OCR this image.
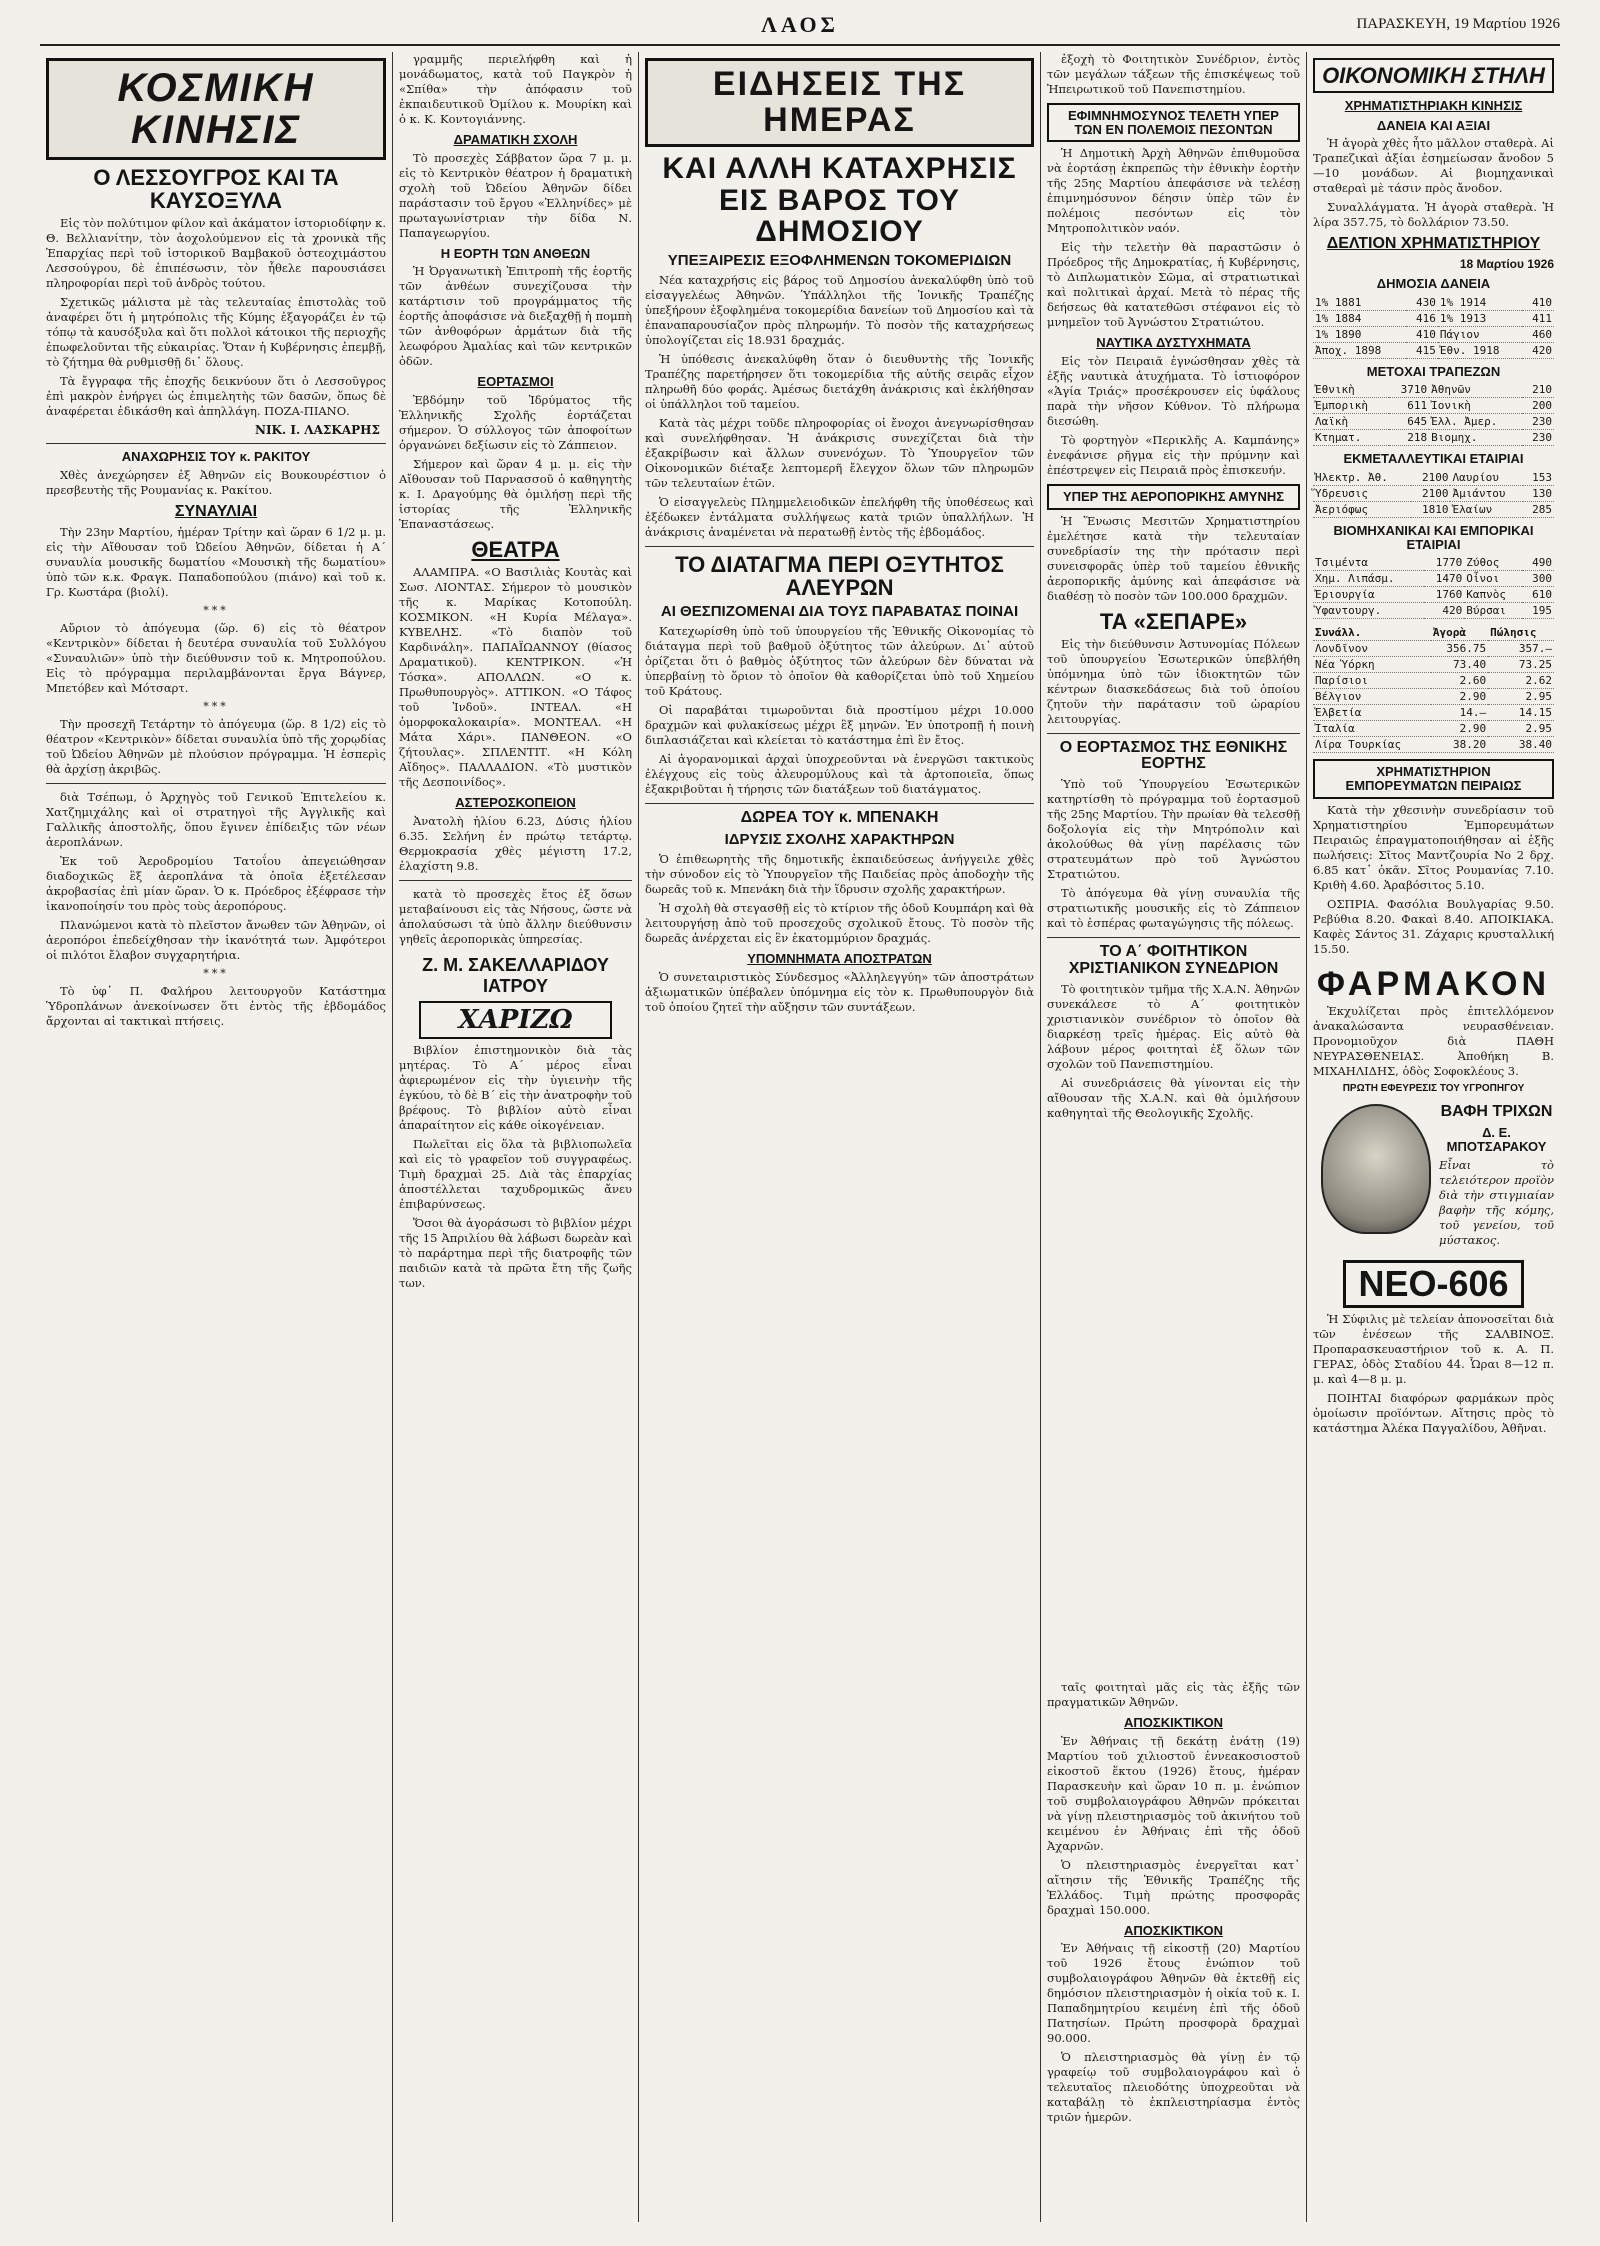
ΛΑΟΣ	ΠΑΡΑΣΚΕΥΗ, 19 Μαρτίου 1926
ΚΟΣΜΙΚΗ ΚΙΝΗΣΙΣ
Ο ΛΕΣΣΟΥΓΡΟΣ ΚΑΙ ΤΑ ΚΑΥΣΟΞΥΛΑ
Εἰς τὸν πολύτιμον φίλον καὶ ἀκάματον ἱστοριοδίφην κ. Θ. Βελλιανίτην, τὸν ἀοχολούμενον εἰς τὰ χρονικὰ τῆς Ἐπαρχίας περὶ τοῦ ἱστορικοῦ Βαμβακοῦ ὀστεοχιμάστου Λεσσούγρου, δὲ ἐπιπέσωσιν, τὸν ἦθελε παρουσιάσει πληροφορίαι περὶ τοῦ ἀνδρὸς τούτου.
Σχετικῶς μάλιστα μὲ τὰς τελευταίας ἐπιστολὰς τοῦ ἀναφέρει ὅτι ἡ μητρόπολις τῆς Κύμης ἐξαγοράζει ἐν τῷ τόπῳ τὰ καυσόξυλα καὶ ὅτι πολλοὶ κάτοικοι τῆς περιοχῆς ἐπωφελοῦνται τῆς εὐκαιρίας. Ὅταν ἡ Κυβέρνησις ἐπεμβῇ, τὸ ζήτημα θὰ ρυθμισθῇ δι᾿ ὅλους.
Τὰ ἔγγραφα τῆς ἐποχῆς δεικνύουν ὅτι ὁ Λεσσοῦγρος ἐπὶ μακρὸν ἐνήργει ὡς ἐπιμελητὴς τῶν δασῶν, ὅπως δὲ ἀναφέρεται ἐδικάσθη καὶ ἀπηλλάγη. ΠΟΖΑ-ΠΙΑΝΟ.
ΝΙΚ. Ι. ΛΑΣΚΑΡΗΣ
ΑΝΑΧΩΡΗΣΙΣ ΤΟΥ κ. ΡΑΚΙΤΟΥ
Χθὲς ἀνεχώρησεν ἐξ Ἀθηνῶν εἰς Βουκουρέστιον ὁ πρεσβευτὴς τῆς Ρουμανίας κ. Ρακίτου.
ΣΥΝΑΥΛΙΑΙ
Τὴν 23ην Μαρτίου, ἡμέραν Τρίτην καὶ ὥραν 6 1/2 μ. μ. εἰς τὴν Αἴθουσαν τοῦ Ὠδείου Ἀθηνῶν, δίδεται ἡ Α΄ συναυλία μουσικῆς δωματίου «Μουσικὴ τῆς δωματίου» ὑπὸ τῶν κ.κ. Φραγκ. Παπαδοπούλου (πιάνο) καὶ τοῦ κ. Γρ. Κωστάρα (βιολί).
***
Αὔριον τὸ ἀπόγευμα (ὥρ. 6) εἰς τὸ θέατρον «Κεντρικὸν» δίδεται ἡ δευτέρα συναυλία τοῦ Συλλόγου «Συναυλιῶν» ὑπὸ τὴν διεύθυνσιν τοῦ κ. Μητροπούλου. Εἰς τὸ πρόγραμμα περιλαμβάνονται ἔργα Βάγνερ, Μπετόβεν καὶ Μότσαρτ.
***
Τὴν προσεχῆ Τετάρτην τὸ ἀπόγευμα (ὥρ. 8 1/2) εἰς τὸ θέατρον «Κεντρικὸν» δίδεται συναυλία ὑπὸ τῆς χορῳδίας τοῦ Ὠδείου Ἀθηνῶν μὲ πλούσιον πρόγραμμα. Ἡ ἑσπερὶς θὰ ἀρχίσῃ ἀκριβῶς.
διὰ Τσέπωμ, ὁ Ἀρχηγὸς τοῦ Γενικοῦ Ἐπιτελείου κ. Χατζημιχάλης καὶ οἱ στρατηγοὶ τῆς Ἀγγλικῆς καὶ Γαλλικῆς ἀποστολῆς, ὅπου ἔγινεν ἐπίδειξις τῶν νέων ἀεροπλάνων.
Ἐκ τοῦ Ἀεροδρομίου Τατοΐου ἀπεγειώθησαν διαδοχικῶς ἓξ ἀεροπλάνα τὰ ὁποῖα ἐξετέλεσαν ἀκροβασίας ἐπὶ μίαν ὥραν. Ὁ κ. Πρόεδρος ἐξέφρασε τὴν ἱκανοποίησίν του πρὸς τοὺς ἀεροπόρους.
Πλανώμενοι κατὰ τὸ πλεῖστον ἄνωθεν τῶν Ἀθηνῶν, οἱ ἀεροπόροι ἐπεδείχθησαν τὴν ἱκανότητά των. Ἀμφότεροι οἱ πιλότοι ἔλαβον συγχαρητήρια.
***
Τὸ ὑφ᾿ Π. Φαλήρου λειτουργοῦν Κατάστημα Ὑδροπλάνων ἀνεκοίνωσεν ὅτι ἐντὸς τῆς ἑβδομάδος ἄρχονται αἱ τακτικαὶ πτήσεις.
γραμμῆς περιελήφθη καὶ ἡ μονάδωματος, κατὰ τοῦ Παγκρὸν ἡ «Σπίθα» τὴν ἀπόφασιν τοῦ ἐκπαιδευτικοῦ Ὀμίλου κ. Μουρίκη καὶ ὁ κ. Κ. Κοντογιάννης.
ΔΡΑΜΑΤΙΚΗ ΣΧΟΛΗ
Τὸ προσεχὲς Σάββατον ὥρα 7 μ. μ. εἰς τὸ Κεντρικὸν θέατρον ἡ δραματικὴ σχολὴ τοῦ Ὠδείου Ἀθηνῶν δίδει παράστασιν τοῦ ἔργου «Ἑλληνίδες» μὲ πρωταγωνίστριαν τὴν δίδα Ν. Παπαγεωργίου.
Η ΕΟΡΤΗ ΤΩΝ ΑΝΘΕΩΝ
Ἡ Ὀργανωτικὴ Ἐπιτροπὴ τῆς ἑορτῆς τῶν ἀνθέων συνεχίζουσα τὴν κατάρτισιν τοῦ προγράμματος τῆς ἑορτῆς ἀποφάσισε νὰ διεξαχθῇ ἡ πομπὴ τῶν ἀνθοφόρων ἁρμάτων διὰ τῆς λεωφόρου Ἀμαλίας καὶ τῶν κεντρικῶν ὁδῶν.
ΕΟΡΤΑΣΜΟΙ
Ἐβδόμην τοῦ Ἰδρύματος τῆς Ἐλληνικῆς Σχολῆς ἑορτάζεται σήμερον. Ὁ σύλλογος τῶν ἀποφοίτων ὀργανώνει δεξίωσιν εἰς τὸ Ζάππειον.
Σήμερον καὶ ὥραν 4 μ. μ. εἰς τὴν Αἴθουσαν τοῦ Παρνασσοῦ ὁ καθηγητὴς κ. Ι. Δραγούμης θὰ ὁμιλήσῃ περὶ τῆς ἱστορίας τῆς Ἑλληνικῆς Ἐπαναστάσεως.
ΘΕΑΤΡΑ
ΑΛΑΜΠΡΑ. «Ο Βασιλιὰς Κουτὰς καὶ Σωσ. ΛΙΟΝΤΑΣ. Σήμερον τὸ μουσικὸν τῆς κ. Μαρίκας Κοτοπούλη. ΚΟΣΜΙΚΟΝ. «Η Κυρία Μέλαγα». ΚΥΒΕΛΗΣ. «Τὸ διαπὸν τοῦ Καρδινάλη». ΠΑΠΑΪΩΑΝΝΟΥ (θίασος Δραματικοῦ). ΚΕΝΤΡΙΚΟΝ. «Ἡ Τόσκα». ΑΠΟΛΛΩΝ. «Ο κ. Πρωθυπουργὸς». ΑΤΤΙΚΟΝ. «Ο Τάφος τοῦ Ἰνδοῦ». ΙΝΤΕΑΛ. «Η ὀμορφοκαλοκαιρία». ΜΟΝΤΕΑΛ. «Η Μάτα Χάρι». ΠΑΝΘΕΟΝ. «Ο ζήτουλας». ΣΠΛΕΝΤΙΤ. «Η Κόλη Αἴδηος». ΠΑΛΛΑΔΙΟΝ. «Τὸ μυστικὸν τῆς Δεσποινίδος».
ΑΣΤΕΡΟΣΚΟΠΕΙΟΝ
Ἀνατολὴ ἡλίου 6.23, Δύσις ἡλίου 6.35. Σελήνη ἐν πρώτῳ τετάρτῳ. Θερμοκρασία χθὲς μέγιστη 17.2, ἐλαχίστη 9.8.
κατὰ τὸ προσεχὲς ἔτος ἐξ ὅσων μεταβαίνουσι εἰς τὰς Νήσους, ὥστε νὰ ἀπολαύσωσι τὰ ὑπὸ ἄλλην διεύθυνσιν γηθεῖς ἀεροπορικὰς ὑπηρεσίας.
Ζ. Μ. ΣΑΚΕΛΛΑΡΙΔΟΥ ΙΑΤΡΟΥ
ΧΑΡΙΖΩ
Βιβλίον ἐπιστημονικὸν διὰ τὰς μητέρας. Τὸ Α΄ μέρος εἶναι ἀφιερωμένον εἰς τὴν ὑγιεινὴν τῆς ἐγκύου, τὸ δὲ Β΄ εἰς τὴν ἀνατροφὴν τοῦ βρέφους. Τὸ βιβλίον αὐτὸ εἶναι ἀπαραίτητον εἰς κάθε οἰκογένειαν.
Πωλεῖται εἰς ὅλα τὰ βιβλιοπωλεῖα καὶ εἰς τὸ γραφεῖον τοῦ συγγραφέως. Τιμὴ δραχμαὶ 25. Διὰ τὰς ἐπαρχίας ἀποστέλλεται ταχυδρομικῶς ἄνευ ἐπιβαρύνσεως.
Ὅσοι θὰ ἀγοράσωσι τὸ βιβλίον μέχρι τῆς 15 Ἀπριλίου θὰ λάβωσι δωρεὰν καὶ τὸ παράρτημα περὶ τῆς διατροφῆς τῶν παιδιῶν κατὰ τὰ πρῶτα ἔτη τῆς ζωῆς των.
ΕΙΔΗΣΕΙΣ ΤΗΣ ΗΜΕΡΑΣ
ΚΑΙ ΑΛΛΗ ΚΑΤΑΧΡΗΣΙΣ ΕΙΣ ΒΑΡΟΣ ΤΟΥ ΔΗΜΟΣΙΟΥ
ΥΠΕΞΑΙΡΕΣΙΣ ΕΞΟΦΛΗΜΕΝΩΝ ΤΟΚΟΜΕΡΙΔΙΩΝ
Νέα καταχρήσις εἰς βάρος τοῦ Δημοσίου ἀνεκαλύφθη ὑπὸ τοῦ εἰσαγγελέως Ἀθηνῶν. Ὑπάλληλοι τῆς Ἰονικῆς Τραπέζης ὑπεξήρουν ἐξοφλημένα τοκομερίδια δανείων τοῦ Δημοσίου καὶ τὰ ἐπαναπαρουσίαζον πρὸς πληρωμήν. Τὸ ποσὸν τῆς καταχρήσεως ὑπολογίζεται εἰς 18.931 δραχμάς.
Ἡ ὑπόθεσις ἀνεκαλύφθη ὅταν ὁ διευθυντὴς τῆς Ἰονικῆς Τραπέζης παρετήρησεν ὅτι τοκομερίδια τῆς αὐτῆς σειρᾶς εἶχον πληρωθῆ δύο φοράς. Ἀμέσως διετάχθη ἀνάκρισις καὶ ἐκλήθησαν οἱ ὑπάλληλοι τοῦ ταμείου.
Κατὰ τὰς μέχρι τοῦδε πληροφορίας οἱ ἔνοχοι ἀνεγνωρίσθησαν καὶ συνελήφθησαν. Ἡ ἀνάκρισις συνεχίζεται διὰ τὴν ἐξακρίβωσιν καὶ ἄλλων συνενόχων. Τὸ Ὑπουργεῖον τῶν Οἰκονομικῶν διέταξε λεπτομερῆ ἔλεγχον ὅλων τῶν πληρωμῶν τῶν τελευταίων ἐτῶν.
Ὁ εἰσαγγελεὺς Πλημμελειοδικῶν ἐπελήφθη τῆς ὑποθέσεως καὶ ἐξέδωκεν ἐντάλματα συλλήψεως κατὰ τριῶν ὑπαλλήλων. Ἡ ἀνάκρισις ἀναμένεται νὰ περατωθῇ ἐντὸς τῆς ἑβδομάδος.
ΤΟ ΔΙΑΤΑΓΜΑ ΠΕΡΙ ΟΞΥΤΗΤΟΣ ΑΛΕΥΡΩΝ
ΑΙ ΘΕΣΠΙΖΟΜΕΝΑΙ ΔΙΑ ΤΟΥΣ ΠΑΡΑΒΑΤΑΣ ΠΟΙΝΑΙ
Κατεχωρίσθη ὑπὸ τοῦ ὑπουργείου τῆς Ἐθνικῆς Οἰκονομίας τὸ διάταγμα περὶ τοῦ βαθμοῦ ὀξύτητος τῶν ἀλεύρων. Δι᾿ αὐτοῦ ὁρίζεται ὅτι ὁ βαθμὸς ὀξύτητος τῶν ἀλεύρων δὲν δύναται νὰ ὑπερβαίνῃ τὸ ὅριον τὸ ὁποῖον θὰ καθορίζεται ὑπὸ τοῦ Χημείου τοῦ Κράτους.
Οἱ παραβάται τιμωροῦνται διὰ προστίμου μέχρι 10.000 δραχμῶν καὶ φυλακίσεως μέχρι ἓξ μηνῶν. Ἐν ὑποτροπῇ ἡ ποινὴ διπλασιάζεται καὶ κλείεται τὸ κατάστημα ἐπὶ ἓν ἔτος.
Αἱ ἀγορανομικαὶ ἀρχαὶ ὑποχρεοῦνται νὰ ἐνεργῶσι τακτικοὺς ἐλέγχους εἰς τοὺς ἀλευρομύλους καὶ τὰ ἀρτοποιεῖα, ὅπως ἐξακριβοῦται ἡ τήρησις τῶν διατάξεων τοῦ διατάγματος.
ΔΩΡΕΑ ΤΟΥ κ. ΜΠΕΝΑΚΗ
ΙΔΡΥΣΙΣ ΣΧΟΛΗΣ ΧΑΡΑΚΤΗΡΩΝ
Ὁ ἐπιθεωρητὴς τῆς δημοτικῆς ἐκπαιδεύσεως ἀνήγγειλε χθὲς τὴν σύνοδον εἰς τὸ Ὑπουργεῖον τῆς Παιδείας πρὸς ἀποδοχὴν τῆς δωρεᾶς τοῦ κ. Μπενάκη διὰ τὴν ἵδρυσιν σχολῆς χαρακτήρων.
Ἡ σχολὴ θὰ στεγασθῇ εἰς τὸ κτίριον τῆς ὁδοῦ Κουμπάρη καὶ θὰ λειτουργήσῃ ἀπὸ τοῦ προσεχοῦς σχολικοῦ ἔτους. Τὸ ποσὸν τῆς δωρεᾶς ἀνέρχεται εἰς ἓν ἑκατομμύριον δραχμάς.
ΥΠΟΜΝΗΜΑΤΑ ΑΠΟΣΤΡΑΤΩΝ
Ὁ συνεταιριστικὸς Σύνδεσμος «Ἀλληλεγγύη» τῶν ἀποστράτων ἀξιωματικῶν ὑπέβαλεν ὑπόμνημα εἰς τὸν κ. Πρωθυπουργὸν διὰ τοῦ ὁποίου ζητεῖ τὴν αὔξησιν τῶν συντάξεων.
ἐξοχὴ τὸ Φοιτητικὸν Συνέδριον, ἐντὸς τῶν μεγάλων τάξεων τῆς ἐπισκέψεως τοῦ Ἠπειρωτικοῦ τοῦ Πανεπιστημίου.
ΕΦΙΜΝΗΜΟΣΥΝΟΣ ΤΕΛΕΤΗ ΥΠΕΡ ΤΩΝ ΕΝ ΠΟΛΕΜΟΙΣ ΠΕΣΟΝΤΩΝ
Ἡ Δημοτικὴ Ἀρχὴ Ἀθηνῶν ἐπιθυμοῦσα νὰ ἑορτάσῃ ἐκπρεπῶς τὴν ἐθνικὴν ἑορτὴν τῆς 25ης Μαρτίου ἀπεφάσισε νὰ τελέσῃ ἐπιμνημόσυνον δέησιν ὑπὲρ τῶν ἐν πολέμοις πεσόντων εἰς τὸν Μητροπολιτικὸν ναόν.
Εἰς τὴν τελετὴν θὰ παραστῶσιν ὁ Πρόεδρος τῆς Δημοκρατίας, ἡ Κυβέρνησις, τὸ Διπλωματικὸν Σῶμα, αἱ στρατιωτικαὶ καὶ πολιτικαὶ ἀρχαί. Μετὰ τὸ πέρας τῆς δεήσεως θὰ κατατεθῶσι στέφανοι εἰς τὸ μνημεῖον τοῦ Ἀγνώστου Στρατιώτου.
ΝΑΥΤΙΚΑ ΔΥΣΤΥΧΗΜΑΤΑ
Εἰς τὸν Πειραιᾶ ἐγνώσθησαν χθὲς τὰ ἑξῆς ναυτικὰ ἀτυχήματα. Τὸ ἱστιοφόρον «Ἁγία Τριάς» προσέκρουσεν εἰς ὑφάλους παρὰ τὴν νῆσον Κύθνον. Τὸ πλήρωμα διεσώθη.
Τὸ φορτηγὸν «Περικλῆς Α. Καμπάνης» ἐνεφάνισε ρῆγμα εἰς τὴν πρύμνην καὶ ἐπέστρεψεν εἰς Πειραιᾶ πρὸς ἐπισκευήν.
ΥΠΕΡ ΤΗΣ ΑΕΡΟΠΟΡΙΚΗΣ ΑΜΥΝΗΣ
Ἡ Ἕνωσις Μεσιτῶν Χρηματιστηρίου ἐμελέτησε κατὰ τὴν τελευταίαν συνεδρίασίν της τὴν πρότασιν περὶ συνεισφορᾶς ὑπὲρ τοῦ ταμείου ἐθνικῆς ἀεροπορικῆς ἀμύνης καὶ ἀπεφάσισε νὰ διαθέσῃ τὸ ποσὸν τῶν 100.000 δραχμῶν.
ΤΑ «ΣΕΠΑΡΕ»
Εἰς τὴν διεύθυνσιν Ἀστυνομίας Πόλεων τοῦ ὑπουργείου Ἐσωτερικῶν ὑπεβλήθη ὑπόμνημα ὑπὸ τῶν ἰδιοκτητῶν τῶν κέντρων διασκεδάσεως διὰ τοῦ ὁποίου ζητοῦν τὴν παράτασιν τοῦ ὡραρίου λειτουργίας.
Ο ΕΟΡΤΑΣΜΟΣ ΤΗΣ ΕΘΝΙΚΗΣ ΕΟΡΤΗΣ
Ὑπὸ τοῦ Ὑπουργείου Ἐσωτερικῶν κατηρτίσθη τὸ πρόγραμμα τοῦ ἑορτασμοῦ τῆς 25ης Μαρτίου. Τὴν πρωίαν θὰ τελεσθῇ δοξολογία εἰς τὴν Μητρόπολιν καὶ ἀκολούθως θὰ γίνῃ παρέλασις τῶν στρατευμάτων πρὸ τοῦ Ἀγνώστου Στρατιώτου.
Τὸ ἀπόγευμα θὰ γίνῃ συναυλία τῆς στρατιωτικῆς μουσικῆς εἰς τὸ Ζάππειον καὶ τὸ ἑσπέρας φωταγώγησις τῆς πόλεως.
ΤΟ Α΄ ΦΟΙΤΗΤΙΚΟΝ ΧΡΙΣΤΙΑΝΙΚΟΝ ΣΥΝΕΔΡΙΟΝ
Τὸ φοιτητικὸν τμῆμα τῆς Χ.Α.Ν. Ἀθηνῶν συνεκάλεσε τὸ Α΄ φοιτητικὸν χριστιανικὸν συνέδριον τὸ ὁποῖον θὰ διαρκέσῃ τρεῖς ἡμέρας. Εἰς αὐτὸ θὰ λάβουν μέρος φοιτηταὶ ἐξ ὅλων τῶν σχολῶν τοῦ Πανεπιστημίου.
Αἱ συνεδριάσεις θὰ γίνονται εἰς τὴν αἴθουσαν τῆς Χ.Α.Ν. καὶ θὰ ὁμιλήσουν καθηγηταὶ τῆς Θεολογικῆς Σχολῆς.
ταῖς φοιτηταὶ μᾶς εἰς τὰς ἑξῆς τῶν πραγματικῶν Ἀθηνῶν.
ΑΠΟΣΚΙΚΤΙΚΟΝ
Ἐν Ἀθήναις τῇ δεκάτῃ ἐνάτῃ (19) Μαρτίου τοῦ χιλιοστοῦ ἐννεακοσιοστοῦ εἰκοστοῦ ἕκτου (1926) ἔτους, ἡμέραν Παρασκευὴν καὶ ὥραν 10 π. μ. ἐνώπιον τοῦ συμβολαιογράφου Ἀθηνῶν πρόκειται νὰ γίνῃ πλειστηριασμὸς τοῦ ἀκινήτου τοῦ κειμένου ἐν Ἀθήναις ἐπὶ τῆς ὁδοῦ Ἀχαρνῶν.
Ὁ πλειστηριασμὸς ἐνεργεῖται κατ᾿ αἴτησιν τῆς Ἐθνικῆς Τραπέζης τῆς Ἑλλάδος. Τιμὴ πρώτης προσφορᾶς δραχμαὶ 150.000.
ΑΠΟΣΚΙΚΤΙΚΟΝ
Ἐν Ἀθήναις τῇ εἰκοστῇ (20) Μαρτίου τοῦ 1926 ἔτους ἐνώπιον τοῦ συμβολαιογράφου Ἀθηνῶν θὰ ἐκτεθῇ εἰς δημόσιον πλειστηριασμὸν ἡ οἰκία τοῦ κ. Ι. Παπαδημητρίου κειμένη ἐπὶ τῆς ὁδοῦ Πατησίων. Πρώτη προσφορὰ δραχμαὶ 90.000.
Ὁ πλειστηριασμὸς θὰ γίνῃ ἐν τῷ γραφείῳ τοῦ συμβολαιογράφου καὶ ὁ τελευταῖος πλειοδότης ὑποχρεοῦται νὰ καταβάλῃ τὸ ἐκπλειστηρίασμα ἐντὸς τριῶν ἡμερῶν.
ΟΙΚΟΝΟΜΙΚΗ ΣΤΗΛΗ
ΧΡΗΜΑΤΙΣΤΗΡΙΑΚΗ ΚΙΝΗΣΙΣ
ΔΑΝΕΙΑ ΚΑΙ ΑΞΙΑΙ
Ἡ ἀγορὰ χθὲς ἦτο μᾶλλον σταθερὰ. Αἱ Τραπεζικαὶ ἀξίαι ἐσημείωσαν ἄνοδον 5—10 μονάδων. Αἱ βιομηχανικαὶ σταθεραὶ μὲ τάσιν πρὸς ἄνοδον.
Συναλλάγματα. Ἡ ἀγορὰ σταθερὰ. Ἡ λίρα 357.75, τὸ δολλάριον 73.50.
ΔΕΛΤΙΟΝ ΧΡΗΜΑΤΙΣΤΗΡΙΟΥ
18 Μαρτίου 1926
ΔΗΜΟΣΙΑ ΔΑΝΕΙΑ
1% 1881	430	1% 1914	410
1% 1884	416	1% 1913	411
1% 1890	410	Πάγιον	460
Ἀποχ. 1898	415	Ἐθν. 1918	420
ΜΕΤΟΧΑΙ ΤΡΑΠΕΖΩΝ
Ἐθνικὴ	3710	Ἀθηνῶν	210
Ἐμπορικὴ	611	Ἰονικὴ	200
Λαϊκὴ	645	Ἐλλ. Ἀμερ.	230
Κτηματ.	218	Βιομηχ.	230
ΕΚΜΕΤΑΛΛΕΥΤΙΚΑΙ ΕΤΑΙΡΙΑΙ
Ἠλεκτρ. Ἀθ.	2100	Λαυρίου	153
Ὕδρευσις	2100	Ἀμιάντου	130
Ἀεριόφως	1810	Ἐλαίων	285
ΒΙΟΜΗΧΑΝΙΚΑΙ ΚΑΙ ΕΜΠΟΡΙΚΑΙ ΕΤΑΙΡΙΑΙ
Τσιμέντα	1770	Ζύθος	490
Χημ. Λιπάσμ.	1470	Οἶνοι	300
Ἐριουργία	1760	Καπνὸς	610
Ὑφαντουργ.	420	Βύρσαι	195
Συνάλλ.	Ἀγορὰ	Πώλησις
Λονδῖνον	356.75	357.—
Νέα Ὑόρκη	73.40	73.25
Παρίσιοι	2.60	2.62
Βέλγιον	2.90	2.95
Ἑλβετία	14.—	14.15
Ἰταλία	2.90	2.95
Λίρα Τουρκίας	38.20	38.40
ΧΡΗΜΑΤΙΣΤΗΡΙΟΝ ΕΜΠΟΡΕΥΜΑΤΩΝ ΠΕΙΡΑΙΩΣ
Κατὰ τὴν χθεσινὴν συνεδρίασιν τοῦ Χρηματιστηρίου Ἐμπορευμάτων Πειραιῶς ἐπραγματοποιήθησαν αἱ ἑξῆς πωλήσεις: Σῖτος Μαντζουρία Νο 2 δρχ. 6.85 κατ᾿ ὀκᾶν. Σῖτος Ρουμανίας 7.10. Κριθὴ 4.60. Ἀραβόσιτος 5.10.
ΟΣΠΡΙΑ. Φασόλια Βουλγαρίας 9.50. Ρεβύθια 8.20. Φακαὶ 8.40. ΑΠΟΙΚΙΑΚΑ. Καφὲς Σάντος 31. Ζάχαρις κρυσταλλική 15.50.
ΦΑΡΜΑΚΟΝ
Ἐκχυλίζεται πρὸς ἐπιτελλόμενον ἀνακαλώσαντα νευρασθένειαν. Προνομιοῦχον διὰ ΠΑΘΗ ΝΕΥΡΑΣΘΕΝΕΙΑΣ. Ἀποθήκη Β. ΜΙΧΑΗΛΙΔΗΣ, ὁδὸς Σοφοκλέους 3.
ΠΡΩΤΗ ΕΦΕΥΡΕΣΙΣ ΤΟΥ ΥΓΡΟΠΗΓΟΥ
ΒΑΦΗ ΤΡΙΧΩΝ
Δ. Ε. ΜΠΟΤΣΑΡΑΚΟΥ
Εἶναι τὸ τελειότερον προϊὸν διὰ τὴν στιγμιαίαν βαφὴν τῆς κόμης, τοῦ γενείου, τοῦ μύστακος.
ΝΕΟ-606
Ἡ Σύφιλις μὲ τελείαν ἀπονοσεῖται διὰ τῶν ἐνέσεων τῆς ΣΑΛΒΙΝΟΞ. Προπαρασκευαστήριον τοῦ κ. Α. Π. ΓΕΡΑΣ, ὁδὸς Σταδίου 44. Ὧραι 8—12 π. μ. καὶ 4—8 μ. μ.
ΠΟΙΗΤΑΙ διαφόρων φαρμάκων πρὸς ὁμοίωσιν προϊόντων. Αἴτησις πρὸς τὸ κατάστημα Ἀλέκα Παγγαλίδου, Ἀθῆναι.
